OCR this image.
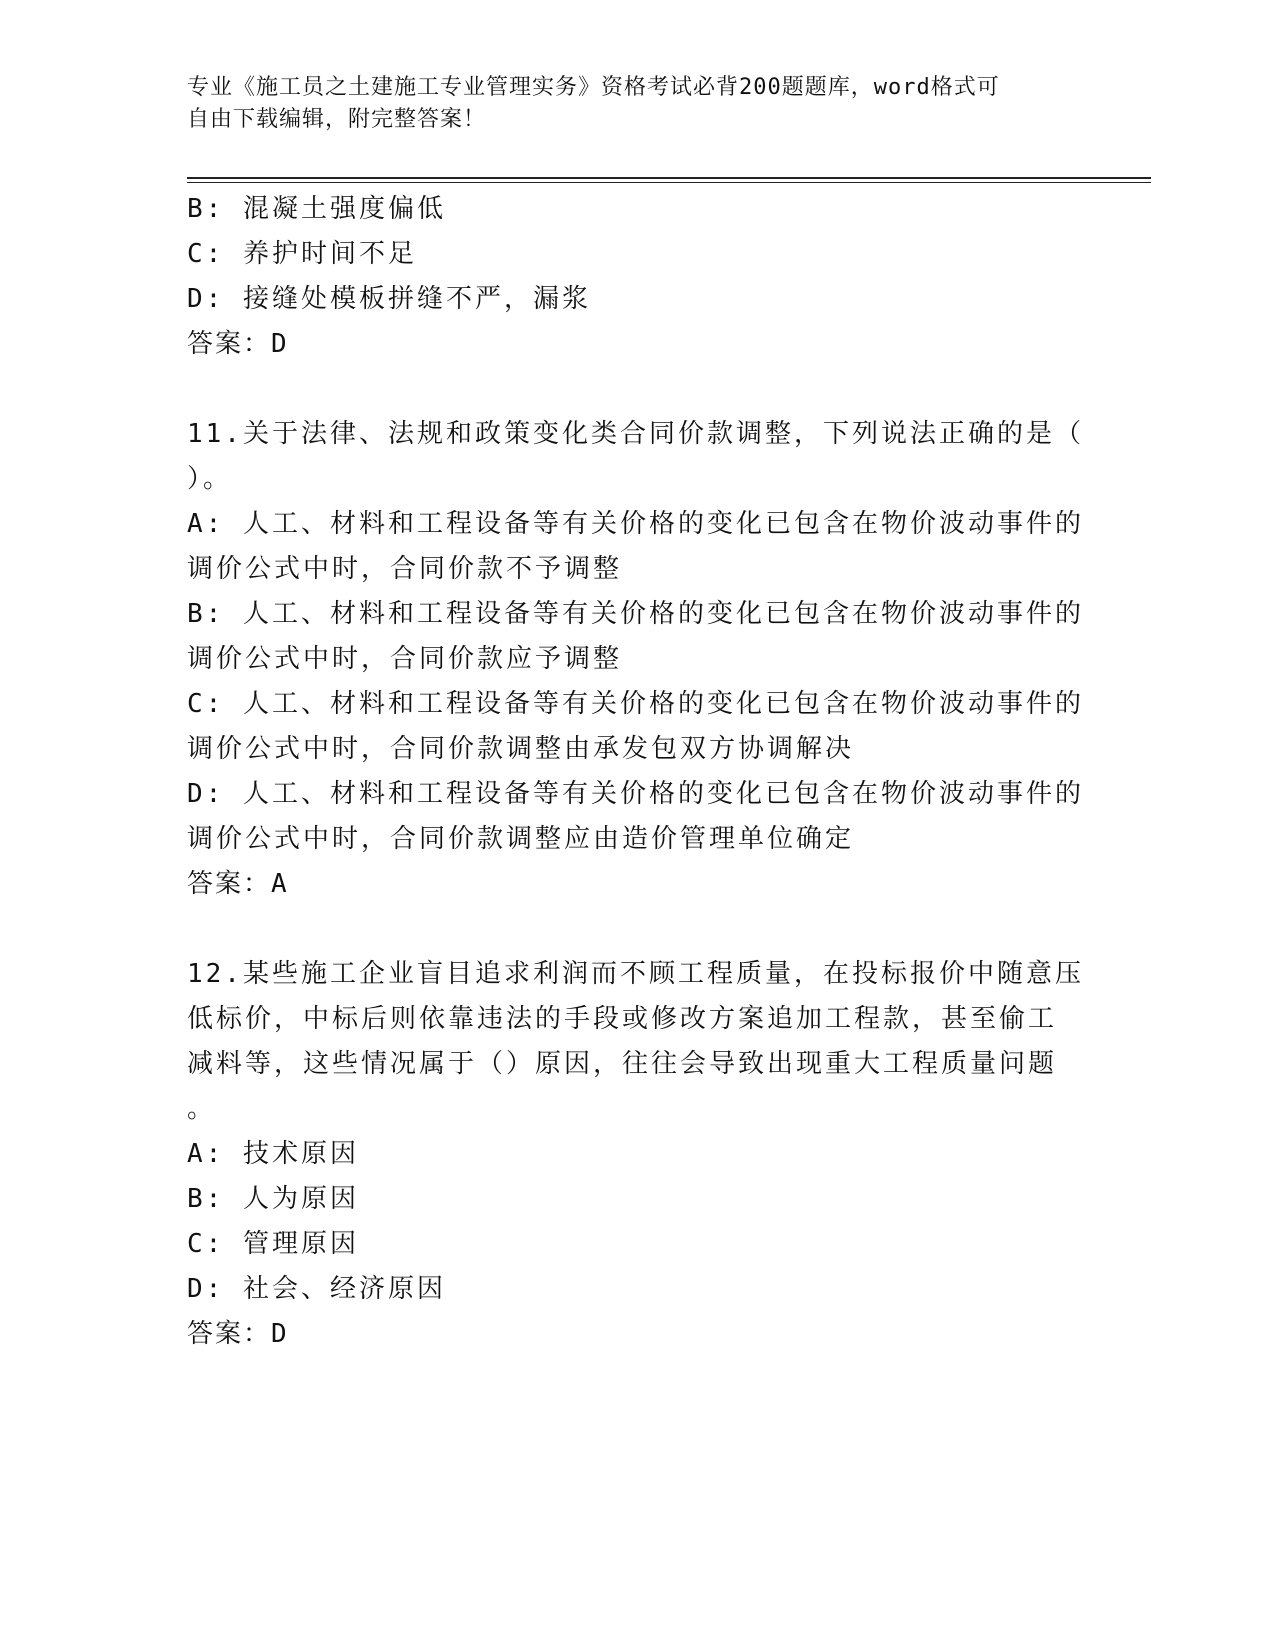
专业《施工员之土建施工专业管理实务》资格考试必背200题题库，word格式可
自由下载编辑，附完整答案！
B: 混凝土强度偏低
C: 养护时间不足
D: 接缝处模板拼缝不严，漏浆
答案：D
11.关于法律、法规和政策变化类合同价款调整，下列说法正确的是（
）。
A: 人工、材料和工程设备等有关价格的变化已包含在物价波动事件的
调价公式中时，合同价款不予调整
B: 人工、材料和工程设备等有关价格的变化已包含在物价波动事件的
调价公式中时，合同价款应予调整
C: 人工、材料和工程设备等有关价格的变化已包含在物价波动事件的
调价公式中时，合同价款调整由承发包双方协调解决
D: 人工、材料和工程设备等有关价格的变化已包含在物价波动事件的
调价公式中时，合同价款调整应由造价管理单位确定
答案：A
12.某些施工企业盲目追求利润而不顾工程质量，在投标报价中随意压
低标价，中标后则依靠违法的手段或修改方案追加工程款，甚至偷工
减料等，这些情况属于（）原因，往往会导致出现重大工程质量问题
。
A: 技术原因
B: 人为原因
C: 管理原因
D: 社会、经济原因
答案：D
